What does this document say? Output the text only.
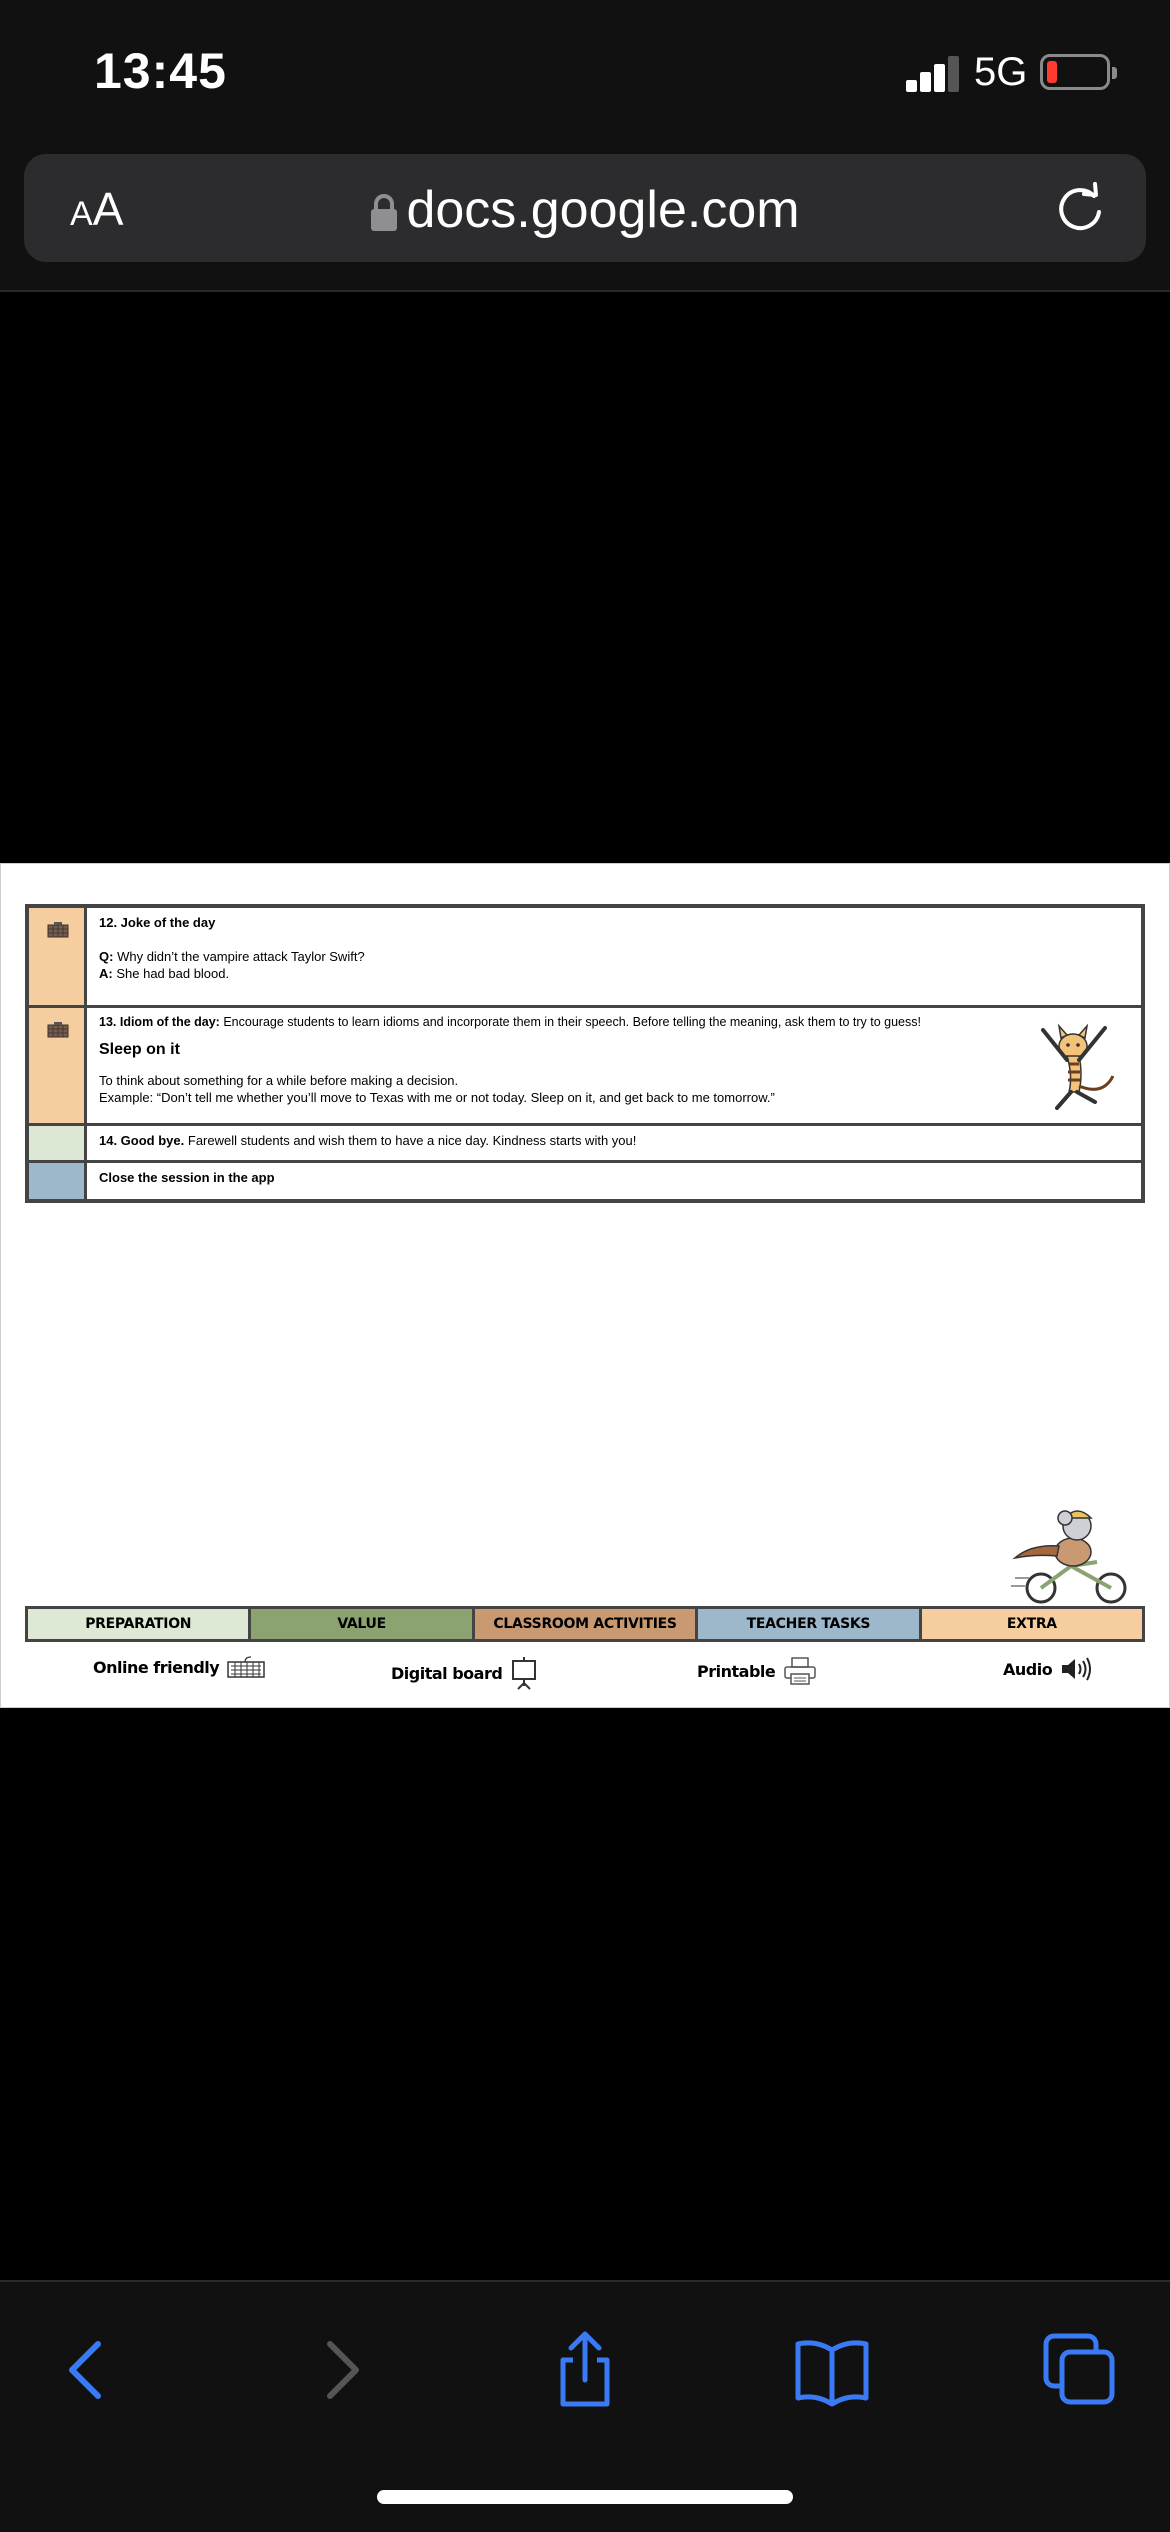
13:45	5G
AA	docs.google.com
12. Joke of the day
Q: Why didn’t the vampire attack Taylor Swift?
A: She had bad blood.
13. Idiom of the day: Encourage students to learn idioms and incorporate them in their speech. Before telling the meaning, ask them to try to guess!
Sleep on it
To think about something for a while before making a decision.
Example: “Don’t tell me whether you’ll move to Texas with me or not today. Sleep on it, and get back to me tomorrow.”
14. Good bye. Farewell students and wish them to have a nice day. Kindness starts with you!
Close the session in the app
PREPARATION	VALUE	CLASSROOM ACTIVITIES	TEACHER TASKS	EXTRA
Online friendly	Digital board	Printable	Audio
